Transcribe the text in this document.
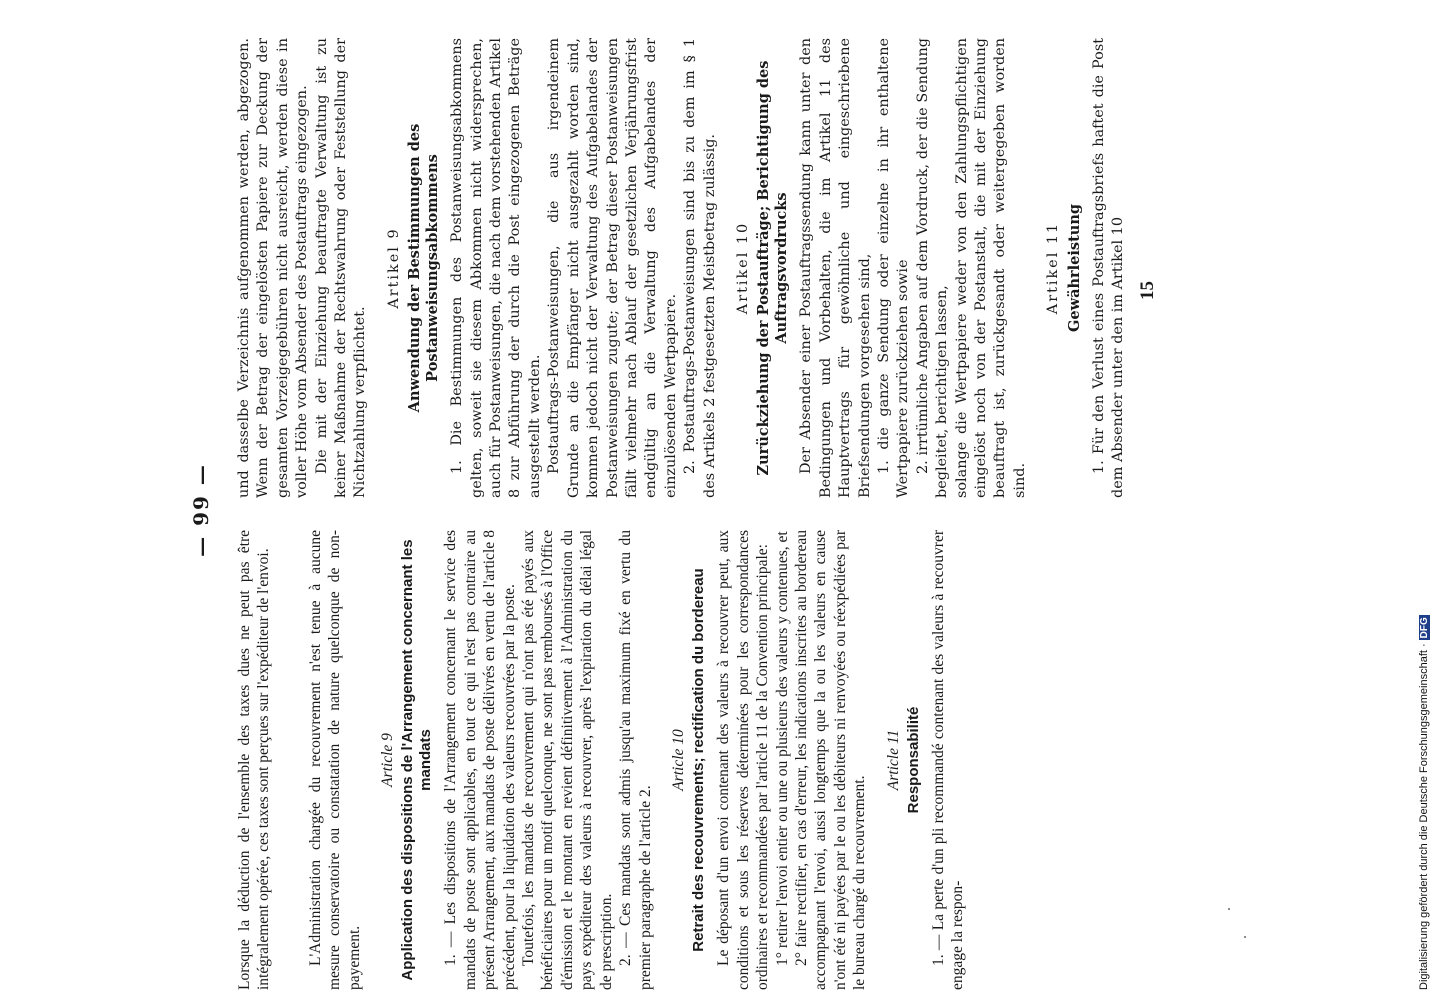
— 99 —

Lorsque la déduction de l'ensemble des taxes dues ne peut pas être intégralement opérée, ces taxes sont perçues sur l'expéditeur de l'envoi. L'Administration chargée du recouvrement n'est tenue à aucune mesure conservatoire ou constatation de nature quelconque de non-payement.

Article 9 Application des dispositions de l'Arrangement concernant les mandats 1. — Les dispositions de l'Arrangement concernant le service des mandats de poste sont applicables, en tout ce qui n'est pas contraire au présent Arrangement, aux mandats de poste délivrés en vertu de l'article 8 précédent, pour la liquidation des valeurs recouvrées par la poste. Toutefois, les mandats de recouvrement qui n'ont pas été payés aux bénéficiaires pour un motif quelconque, ne sont pas remboursés à l'Office d'émission et le montant en revient définitivement à l'Administration du pays expéditeur des valeurs à recouvrer, après l'expiration du délai légal de prescription. 2. — Ces mandats sont admis jusqu'au maximum fixé en vertu du premier paragraphe de l'article 2.

Article 10 Retrait des recouvrements; rectification du bordereau Le déposant d'un envoi contenant des valeurs à recouvrer peut, aux conditions et sous les réserves déterminées pour les correspondances ordinaires et recommandées par l'article 11 de la Convention principale: 1° retirer l'envoi entier ou une ou plusieurs des valeurs y contenues, et 2° faire rectifier, en cas d'erreur, les indications inscrites au bordereau accompagnant l'envoi, aussi longtemps que la ou les valeurs en cause n'ont été ni payées par le ou les débiteurs ni renvoyées ou réexpédiées par le bureau chargé du recouvrement.

Article 11 Responsabilité 1. — La perte d'un pli recommandé contenant des valeurs à recouvrer engage la respon-

und dasselbe Verzeichnis aufgenommen werden, abgezogen. Wenn der Betrag der eingelösten Papiere zur Deckung der gesamten Vorzeigegebühren nicht ausreicht, werden diese in voller Höhe vom Absender des Postauftrags eingezogen. Die mit der Einziehung beauftragte Verwaltung ist zu keiner Maßnahme der Rechtswahrung oder Feststellung der Nichtzahlung verpflichtet.

Artikel 9 Anwendung der Bestimmungen des Postanweisungsabkommens 1. Die Bestimmungen des Postanweisungsabkommens gelten, soweit sie diesem Abkommen nicht widersprechen, auch für Postanweisungen, die nach dem vorstehenden Artikel 8 zur Abführung der durch die Post eingezogenen Beträge ausgestellt werden. Postauftrags-Postanweisungen, die aus irgendeinem Grunde an die Empfänger nicht ausgezahlt worden sind, kommen jedoch nicht der Verwaltung des Aufgabelandes der Postanweisungen zugute; der Betrag dieser Postanweisungen fällt vielmehr nach Ablauf der gesetzlichen Verjährungsfrist endgültig an die Verwaltung des Aufgabelandes der einzulösenden Wertpapiere. 2. Postauftrags-Postanweisungen sind bis zu dem im § 1 des Artikels 2 festgesetzten Meistbetrag zulässig. Artikel 10 Zurückziehung der Postaufträge; Berichtigung des Auftragsvordrucks Der Absender einer Postauftragssendung kann unter den Bedingungen und Vorbehalten, die im Artikel 11 des Hauptvertrags für gewöhnliche und eingeschriebene Briefsendungen vorgesehen sind, 1. die ganze Sendung oder einzelne in ihr enthaltene Wertpapiere zurückziehen sowie 2. irrtümliche Angaben auf dem Vordruck, der die Sendung begleitet, berichtigen lassen, solange die Wertpapiere weder von den Zahlungspflichtigen eingelöst noch von der Postanstalt, die mit der Einziehung beauftragt ist, zurückgesandt oder weitergegeben worden sind.

Artikel 11 Gewährleistung 1. Für den Verlust eines Postauftragsbriefs haftet die Post dem Absender unter den im Artikel 10 15
Digitalisierung gefördert durch die Deutsche Forschungsgemeinschaft ·DFG
